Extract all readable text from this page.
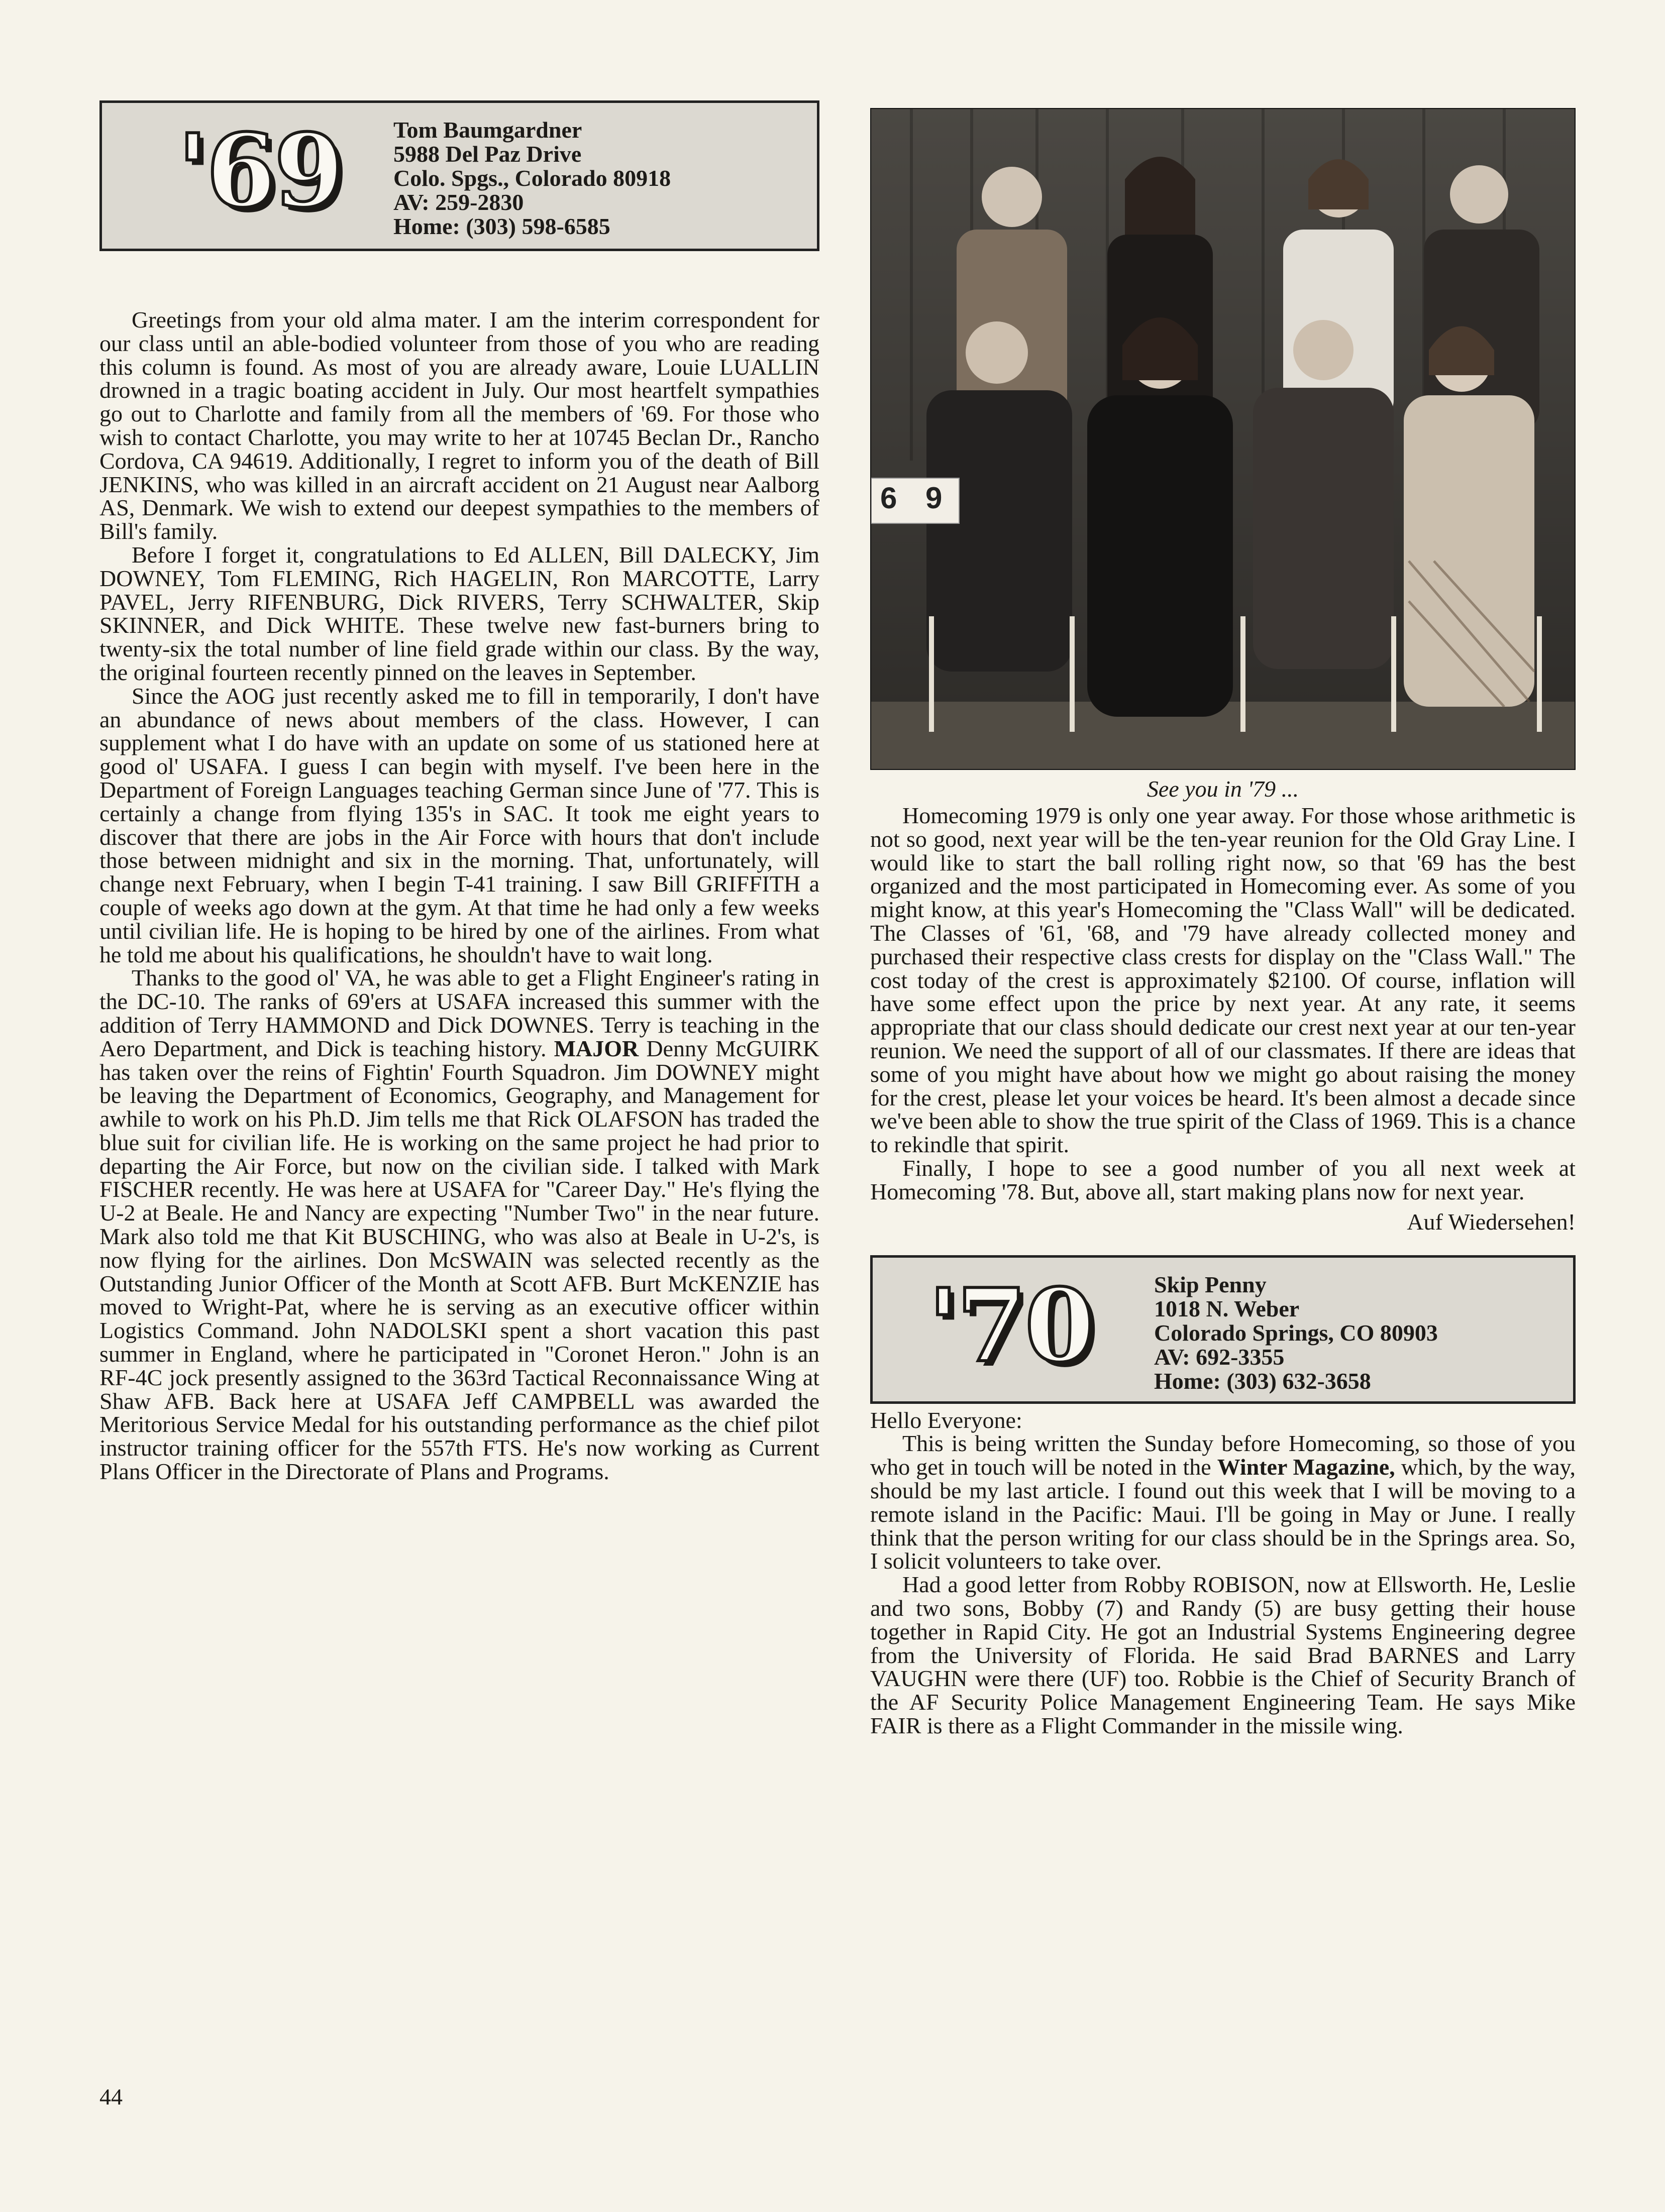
'69 Tom Baumgardner
5988 Del Paz Drive
Colo. Spgs., Colorado 80918
AV: 259-2830
Home: (303) 598-6585

Greetings from your old alma mater. I am the interim correspondent for our class until an able-bodied volunteer from those of you who are reading this column is found. As most of you are already aware, Louie LUALLIN drowned in a tragic boating accident in July. Our most heartfelt sympathies go out to Charlotte and family from all the members of '69. For those who wish to contact Charlotte, you may write to her at 10745 Beclan Dr., Rancho Cordova, CA 94619. Additionally, I regret to inform you of the death of Bill JENKINS, who was killed in an aircraft accident on 21 August near Aalborg AS, Denmark. We wish to extend our deepest sympathies to the members of Bill's family.

Before I forget it, congratulations to Ed ALLEN, Bill DALECKY, Jim DOWNEY, Tom FLEMING, Rich HAGELIN, Ron MARCOTTE, Larry PAVEL, Jerry RIFENBURG, Dick RIVERS, Terry SCHWALTER, Skip SKINNER, and Dick WHITE. These twelve new fast-burners bring to twenty-six the total number of line field grade within our class. By the way, the original fourteen recently pinned on the leaves in September.

Since the AOG just recently asked me to fill in temporarily, I don't have an abundance of news about members of the class. However, I can supplement what I do have with an update on some of us stationed here at good ol' USAFA. I guess I can begin with myself. I've been here in the Department of Foreign Languages teaching German since June of '77. This is certainly a change from flying 135's in SAC. It took me eight years to discover that there are jobs in the Air Force with hours that don't include those between midnight and six in the morning. That, unfortunately, will change next February, when I begin T-41 training. I saw Bill GRIFFITH a couple of weeks ago down at the gym. At that time he had only a few weeks until civilian life. He is hoping to be hired by one of the airlines. From what he told me about his qualifications, he shouldn't have to wait long.

Thanks to the good ol' VA, he was able to get a Flight Engineer's rating in the DC-10. The ranks of 69'ers at USAFA increased this summer with the addition of Terry HAMMOND and Dick DOWNES. Terry is teaching in the Aero Department, and Dick is teaching history. MAJOR Denny McGUIRK has taken over the reins of Fightin' Fourth Squadron. Jim DOWNEY might be leaving the Department of Economics, Geography, and Management for awhile to work on his Ph.D. Jim tells me that Rick OLAFSON has traded the blue suit for civilian life. He is working on the same project he had prior to departing the Air Force, but now on the civilian side. I talked with Mark FISCHER recently. He was here at USAFA for "Career Day." He's flying the U-2 at Beale. He and Nancy are expecting "Number Two" in the near future. Mark also told me that Kit BUSCHING, who was also at Beale in U-2's, is now flying for the airlines. Don McSWAIN was selected recently as the Outstanding Junior Officer of the Month at Scott AFB. Burt McKENZIE has moved to Wright-Pat, where he is serving as an executive officer within Logistics Command. John NADOLSKI spent a short vacation this past summer in England, where he participated in "Coronet Heron." John is an RF-4C jock presently assigned to the 363rd Tactical Reconnaissance Wing at Shaw AFB. Back here at USAFA Jeff CAMPBELL was awarded the Meritorious Service Medal for his outstanding performance as the chief pilot instructor training officer for the 557th FTS. He's now working as Current Plans Officer in the Directorate of Plans and Programs.

44
6 9
See you in '79 ...

Homecoming 1979 is only one year away. For those whose arithmetic is not so good, next year will be the ten-year reunion for the Old Gray Line. I would like to start the ball rolling right now, so that '69 has the best organized and the most participated in Homecoming ever. As some of you might know, at this year's Homecoming the "Class Wall" will be dedicated. The Classes of '61, '68, and '79 have already collected money and purchased their respective class crests for display on the "Class Wall." The cost today of the crest is approximately $2100. Of course, inflation will have some effect upon the price by next year. At any rate, it seems appropriate that our class should dedicate our crest next year at our ten-year reunion. We need the support of all of our classmates. If there are ideas that some of you might have about how we might go about raising the money for the crest, please let your voices be heard. It's been almost a decade since we've been able to show the true spirit of the Class of 1969. This is a chance to rekindle that spirit.

Finally, I hope to see a good number of you all next week at Homecoming '78. But, above all, start making plans now for next year.

Auf Wiedersehen!
'70	Skip Penny
1018 N. Weber
Colorado Springs, CO 80903
AV: 692-3355
Home: (303) 632-3658

Hello Everyone:

This is being written the Sunday before Homecoming, so those of you who get in touch will be noted in the Winter Magazine, which, by the way, should be my last article. I found out this week that I will be moving to a remote island in the Pacific: Maui. I'll be going in May or June. I really think that the person writing for our class should be in the Springs area. So, I solicit volunteers to take over.

Had a good letter from Robby ROBISON, now at Ellsworth. He, Leslie and two sons, Bobby (7) and Randy (5) are busy getting their house together in Rapid City. He got an Industrial Systems Engineering degree from the University of Florida. He said Brad BARNES and Larry VAUGHN were there (UF) too. Robbie is the Chief of Security Branch of the AF Security Police Management Engineering Team. He says Mike FAIR is there as a Flight Commander in the missile wing.
